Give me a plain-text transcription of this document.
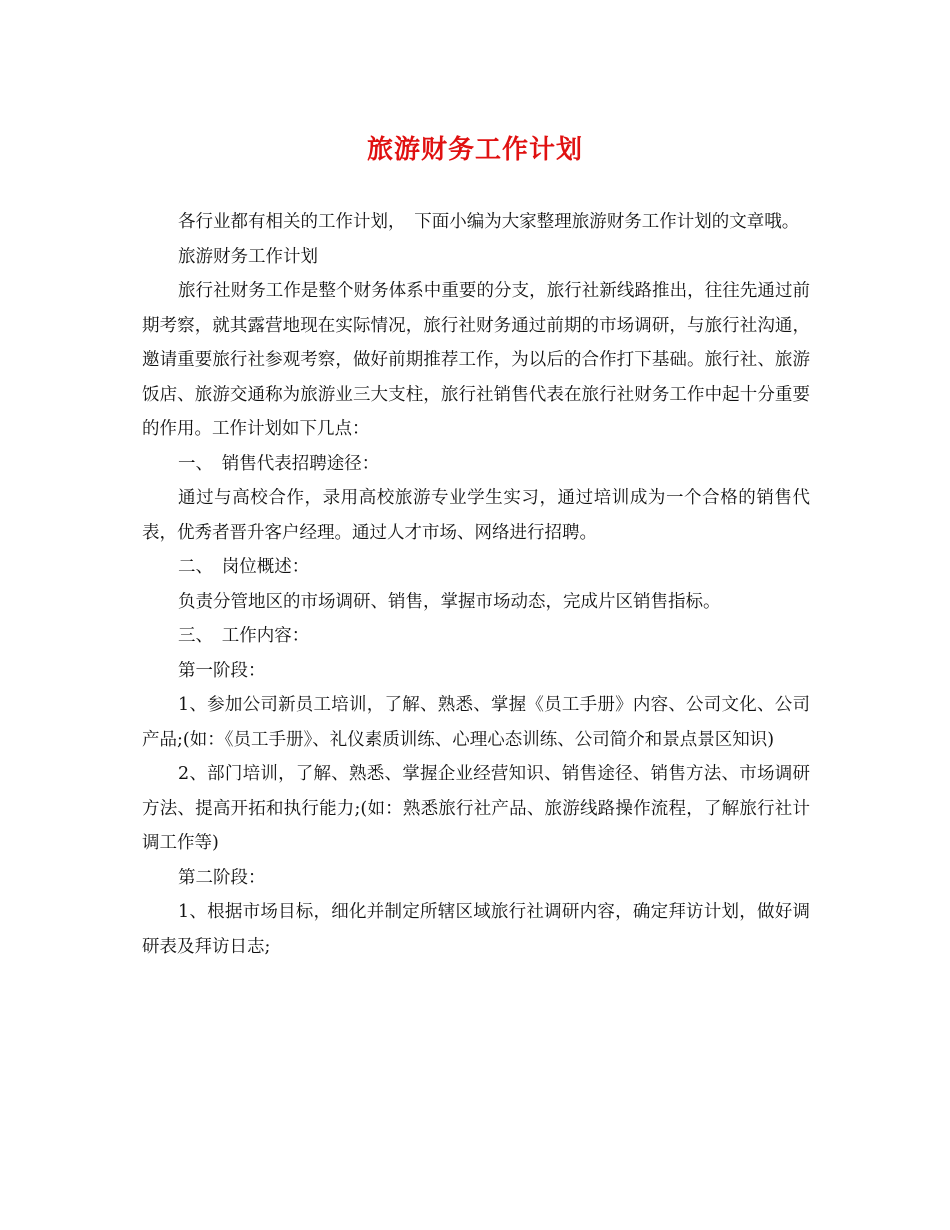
旅游财务工作计划

各行业都有相关的工作计划，　下面小编为大家整理旅游财务工作计划的文章哦。

旅游财务工作计划

旅行社财务工作是整个财务体系中重要的分支，旅行社新线路推出，往往先通过前期考察，就其露营地现在实际情况，旅行社财务通过前期的市场调研，与旅行社沟通，邀请重要旅行社参观考察，做好前期推荐工作，为以后的合作打下基础。旅行社、旅游饭店、旅游交通称为旅游业三大支柱，旅行社销售代表在旅行社财务工作中起十分重要的作用。工作计划如下几点：

一、　销售代表招聘途径：

通过与高校合作，录用高校旅游专业学生实习，通过培训成为一个合格的销售代表，优秀者晋升客户经理。通过人才市场、网络进行招聘。

二、　岗位概述：

负责分管地区的市场调研、销售，掌握市场动态，完成片区销售指标。

三、　工作内容：

第一阶段：

1、参加公司新员工培训，了解、熟悉、掌握《员工手册》内容、公司文化、公司产品;(如：《员工手册》、礼仪素质训练、心理心态训练、公司简介和景点景区知识)

2、部门培训，了解、熟悉、掌握企业经营知识、销售途径、销售方法、市场调研方法、提高开拓和执行能力;(如：熟悉旅行社产品、旅游线路操作流程，了解旅行社计调工作等)

第二阶段：

1、根据市场目标，细化并制定所辖区域旅行社调研内容，确定拜访计划，做好调研表及拜访日志;
